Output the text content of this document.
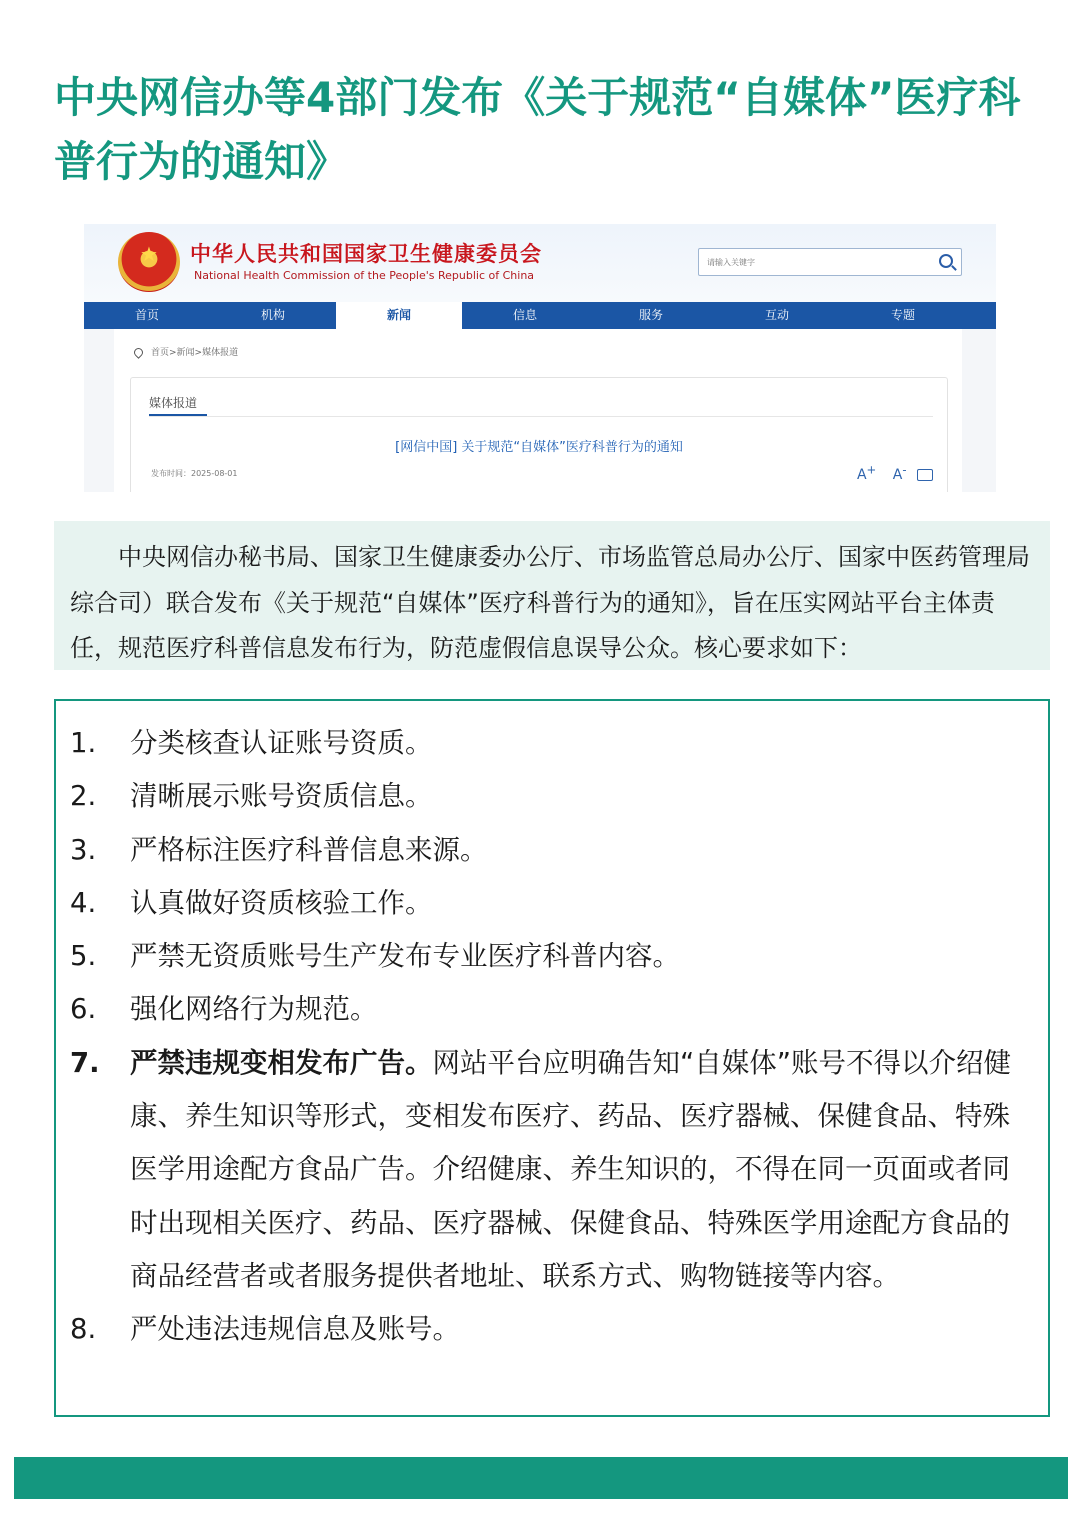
中央网信办等4部门发布《关于规范“自媒体”医疗科普行为的通知》
★	中华人民共和国国家卫生健康委员会
National Health Commission of the People's Republic of China
请输入关键字
首页	机构	新闻	信息	服务	互动	专题
首页>新闻>媒体报道
媒体报道
[网信中国] 关于规范“自媒体”医疗科普行为的通知
发布时间：2025-08-01	A+ A-

中央网信办秘书局、国家卫生健康委办公厅、市场监管总局办公厅、国家中医药管理局综合司）联合发布《关于规范“自媒体”医疗科普行为的通知》，旨在压实网站平台主体责任，规范医疗科普信息发布行为，防范虚假信息误导公众。核心要求如下：

1.	分类核查认证账号资质。
2.	清晰展示账号资质信息。
3.	严格标注医疗科普信息来源。
4.	认真做好资质核验工作。
5.	严禁无资质账号生产发布专业医疗科普内容。
6.	强化网络行为规范。
7.	严禁违规变相发布广告。网站平台应明确告知“自媒体”账号不得以介绍健康、养生知识等形式，变相发布医疗、药品、医疗器械、保健食品、特殊医学用途配方食品广告。介绍健康、养生知识的，不得在同一页面或者同时出现相关医疗、药品、医疗器械、保健食品、特殊医学用途配方食品的商品经营者或者服务提供者地址、联系方式、购物链接等内容。
8.	严处违法违规信息及账号。
